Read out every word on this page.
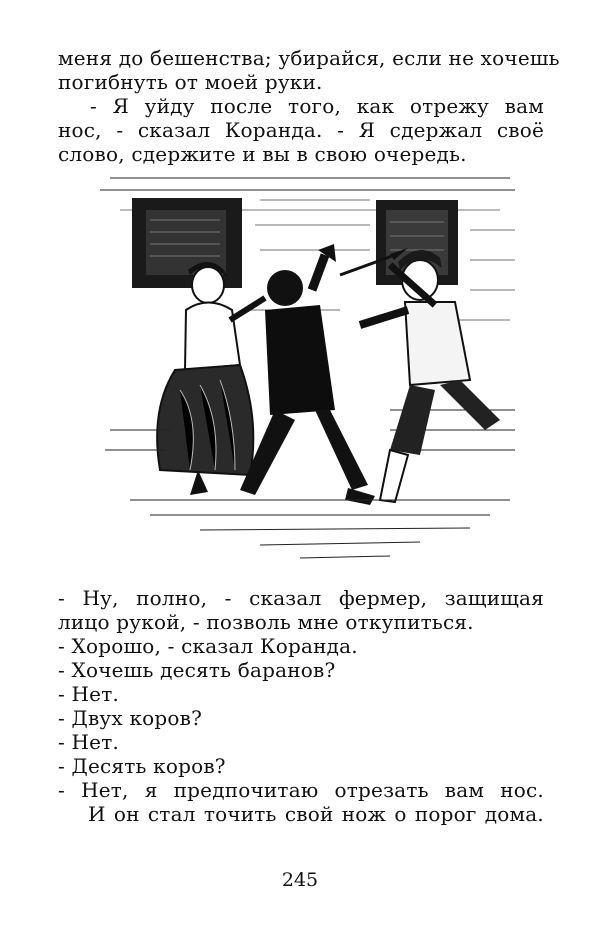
меня до бешенства; убирайся, если не хочешь
погибнуть от моей руки.
- Я уйду после того, как отрежу вам
нос, - сказал Коранда. - Я сдержал своё
слово, сдержите и вы в свою очередь.
- Ну, полно, - сказал фермер, защищая
лицо рукой, - позволь мне откупиться.
- Хорошо, - сказал Коранда.
- Хочешь десять баранов?
- Нет.
- Двух коров?
- Нет.
- Десять коров?
- Нет, я предпочитаю отрезать вам нос.
И он стал точить свой нож о порог дома.
245
